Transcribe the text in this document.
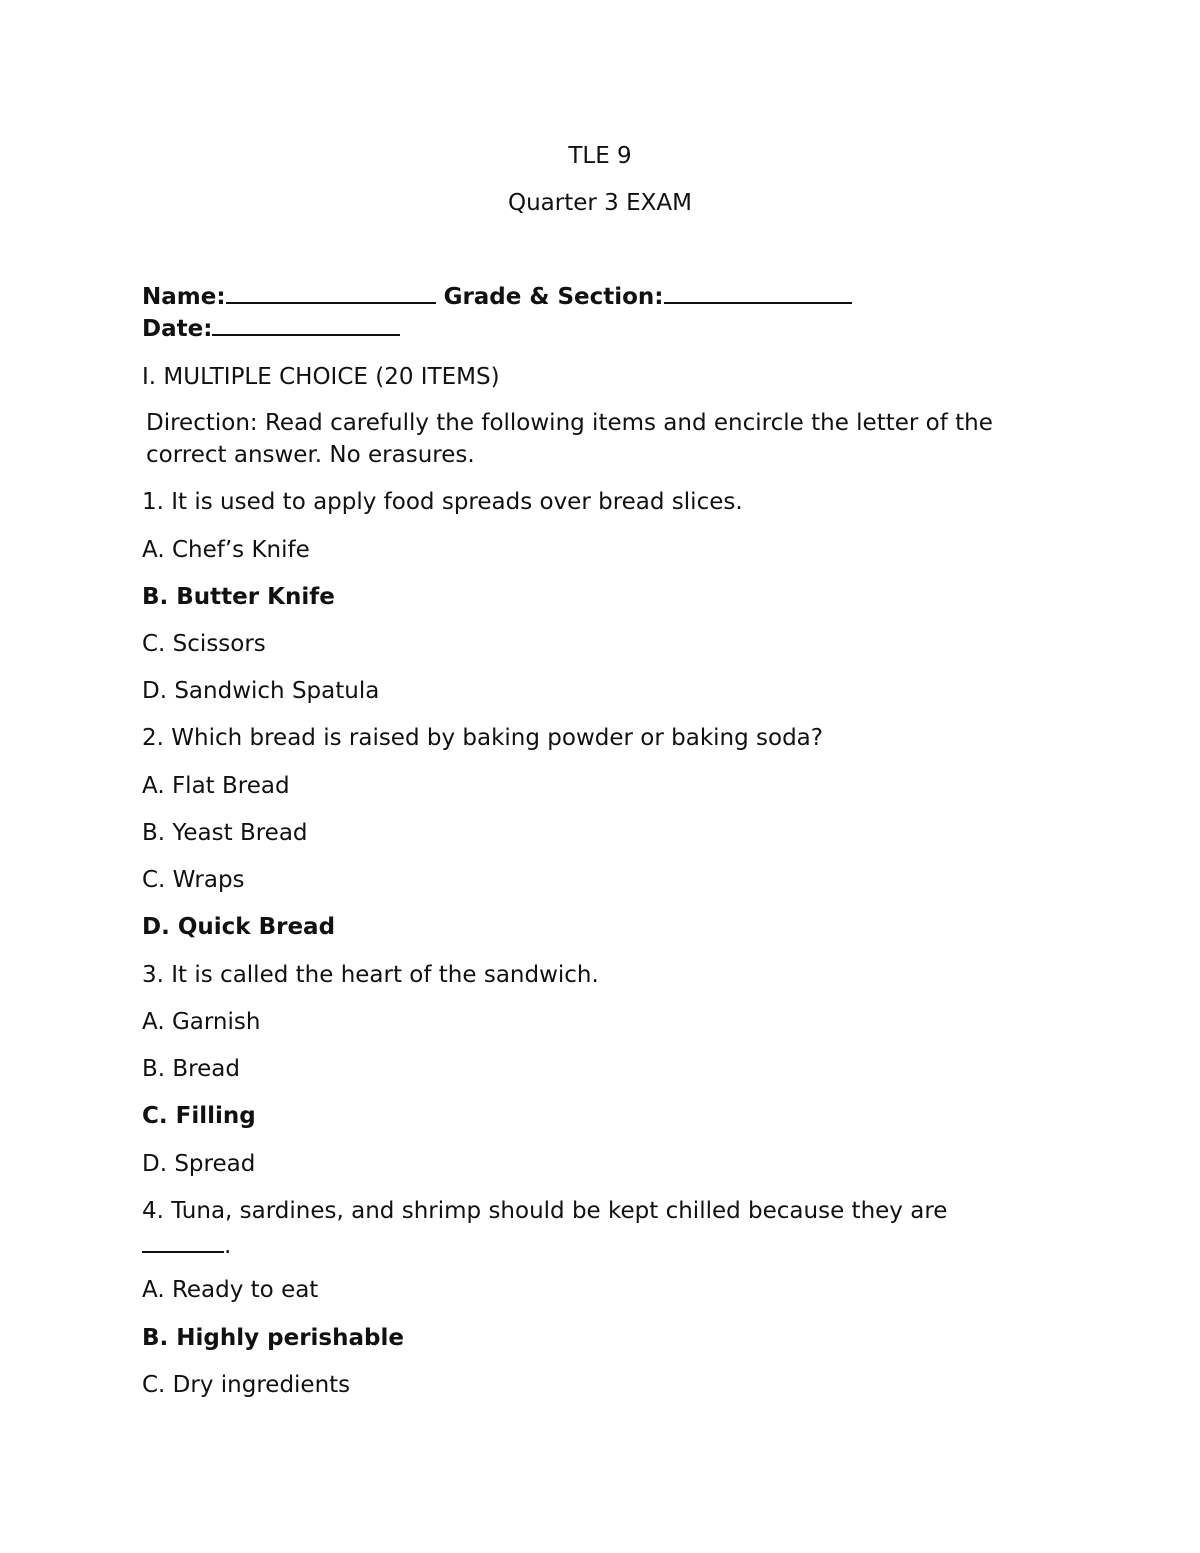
TLE 9
Quarter 3 EXAM
Name:	Grade & Section:
Date:
I. MULTIPLE CHOICE (20 ITEMS)
Direction: Read carefully the following items and encircle the letter of the
correct answer. No erasures.
1. It is used to apply food spreads over bread slices.
A. Chef’s Knife
B. Butter Knife
C. Scissors
D. Sandwich Spatula
2. Which bread is raised by baking powder or baking soda?
A. Flat Bread
B. Yeast Bread
C. Wraps
D. Quick Bread
3. It is called the heart of the sandwich.
A. Garnish
B. Bread
C. Filling
D. Spread
4. Tuna, sardines, and shrimp should be kept chilled because they are
.
A. Ready to eat
B. Highly perishable
C. Dry ingredients
